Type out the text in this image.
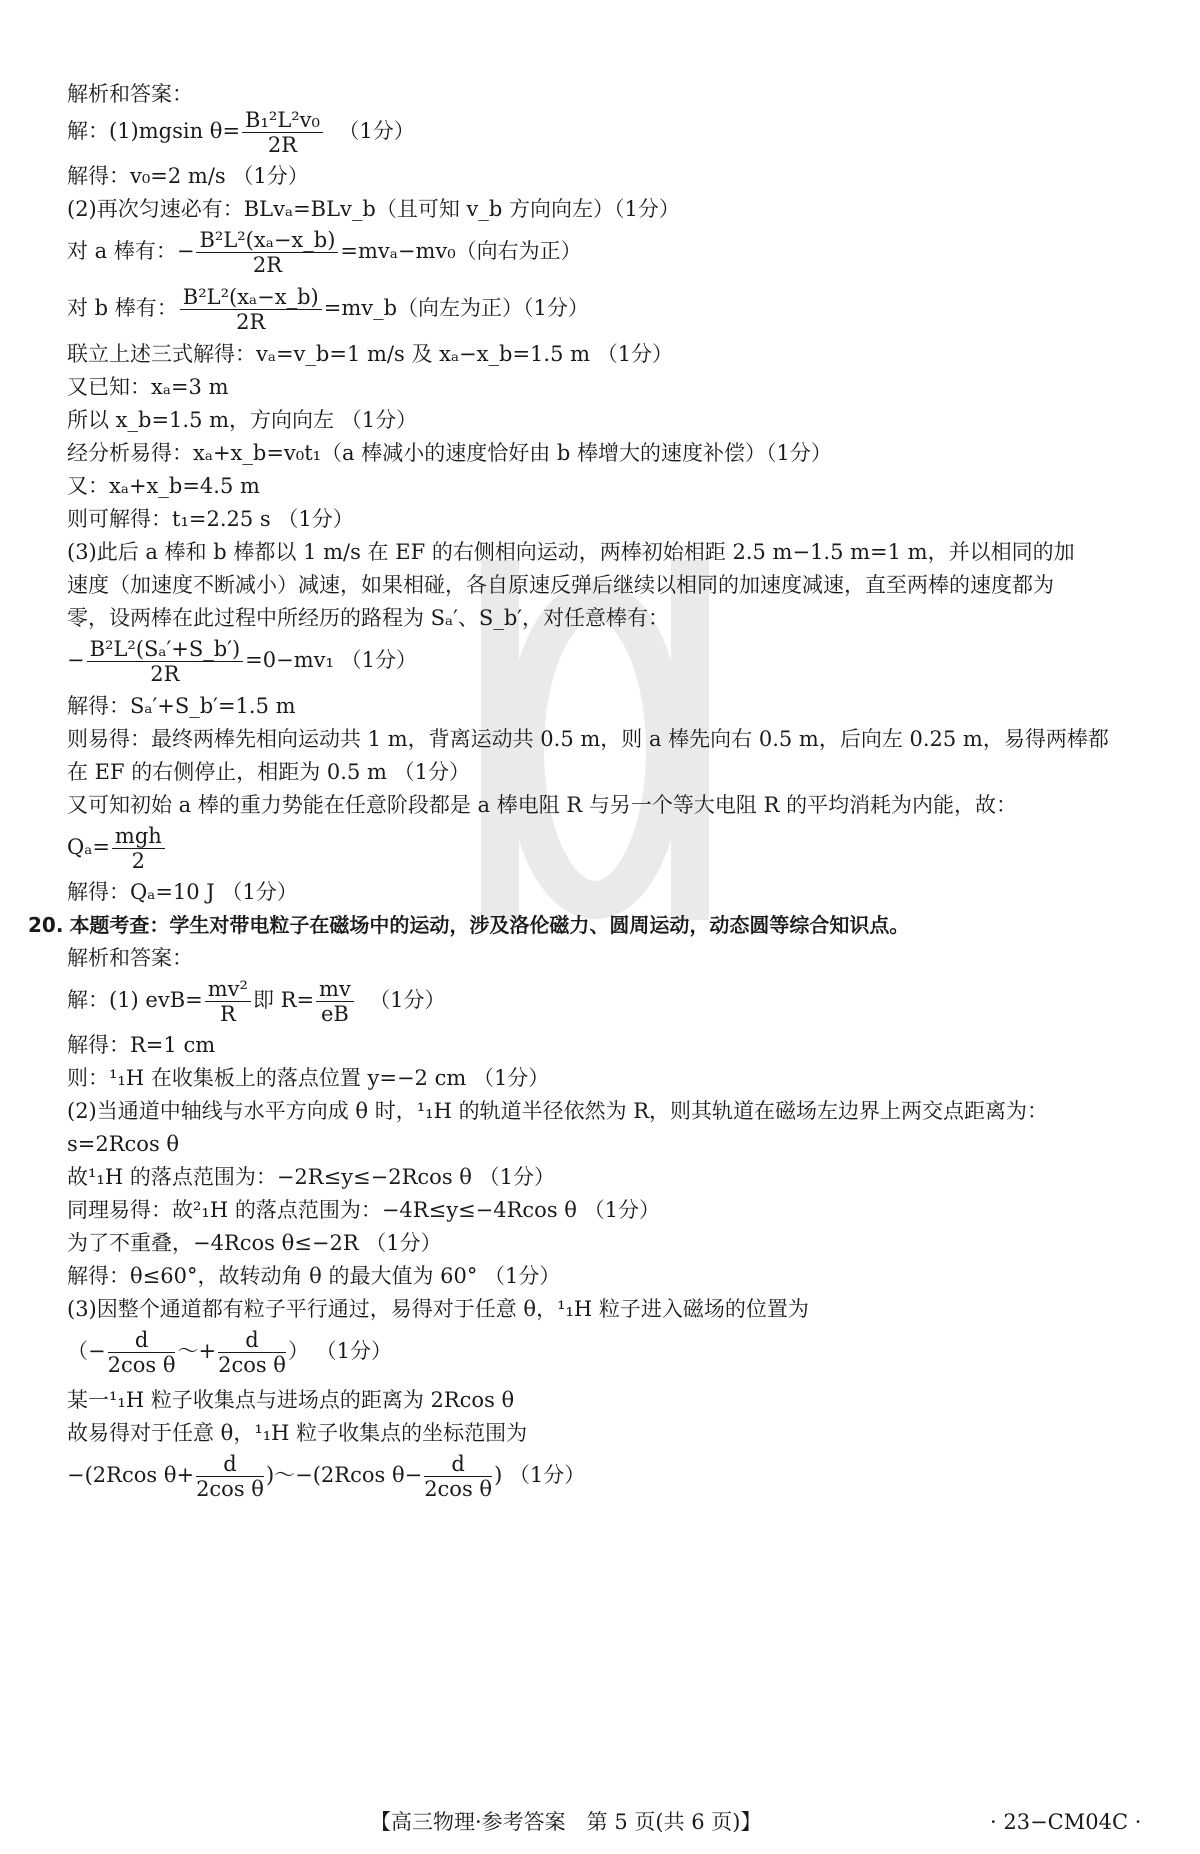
解析和答案：
解：(1)mgsin $\theta= \frac{\text{B₁²L²v₀}}{2R} (1$分）
解得：v₀=2 m/s （1分）
(2)再次匀速必有：BLvₐ=BLv_b（且可知 v_b 方向向左）（1分）
对 a 棒有：− $\frac{\text{B²L²(xₐ−x\_b)}}{2R} =mv_a-mv_0$（向右为正）
对 b 棒有： $\frac{\text{B²L²(xₐ−x\_b)}}{2R}$ =mv_b（向左为正）（1分）
联立上述三式解得：vₐ=v_b=1 m/s 及 xₐ−x_b=1.5 m （1分）
又已知：xₐ=3 m
所以 x_b=1.5 m，方向向左 （1分）
经分析易得：xₐ+x_b=v₀t₁（a 棒减小的速度恰好由 b 棒增大的速度补偿）（1分）
又：xₐ+x_b=4.5 m
则可解得：t₁=2.25 s （1分）
(3)此后 a 棒和 b 棒都以 1 m/s 在 EF 的右侧相向运动，两棒初始相距 2.5 m−1.5 m=1 m，并以相同的加
速度（加速度不断减小）减速，如果相碰，各自原速反弹后继续以相同的加速度减速，直至两棒的速度都为
零，设两棒在此过程中所经历的路程为 Sₐ′、S_b′，对任意棒有：
− $\frac{\text{B²L²(Sₐ′+S\_b′)}}{2R} =0-mv_1$ （1分）
解得：Sₐ′+S_b′=1.5 m
则易得：最终两棒先相向运动共 1 m，背离运动共 0.5 m，则 a 棒先向右 0.5 m，后向左 0.25 m，易得两棒都
在 EF 的右侧停止，相距为 0.5 m （1分）
又可知初始 a 棒的重力势能在任意阶段都是 a 棒电阻 R 与另一个等大电阻 R 的平均消耗为内能，故：
$Q_a= \frac{\text{mgh}}{2}$
解得：Qₐ=10 J （1分）
20. 本题考查：学生对带电粒子在磁场中的运动，涉及洛伦磁力、圆周运动，动态圆等综合知识点。
解析和答案：
解：(1) $evB= \frac{\text{mv²}}{R}$ 即 $R= \frac{mv}{eB} (1$分）
解得：R=1 cm
则：¹₁H 在收集板上的落点位置 y=−2 cm （1分）
(2)当通道中轴线与水平方向成 θ 时，¹₁H 的轨道半径依然为 R，则其轨道在磁场左边界上两交点距离为：
s=2Rcos θ
故¹₁H 的落点范围为：−2R≤y≤−2Rcos θ （1分）
同理易得：故²₁H 的落点范围为：−4R≤y≤−4Rcos θ （1分）
为了不重叠，−4Rcos θ≤−2R （1分）
解得：θ≤60°，故转动角 θ 的最大值为 60° （1分）
(3)因整个通道都有粒子平行通过，易得对于任意 θ，¹₁H 粒子进入磁场的位置为
（− $\frac{d}{\text{2cos θ}}$ ～+ $\frac{d}{\text{2cos θ}}$ ） （1分）
某一¹₁H 粒子收集点与进场点的距离为 2Rcos θ
故易得对于任意 θ，¹₁H 粒子收集点的坐标范围为
−(2Rcos $\theta+ \frac{d}{\text{2cos θ}}$ )～−(2Rcos $\theta- \frac{d}{\text{2cos θ}}$ ) （1分）
【高三物理·参考答案　第 5 页(共 6 页)】	· 23−CM04C ·
